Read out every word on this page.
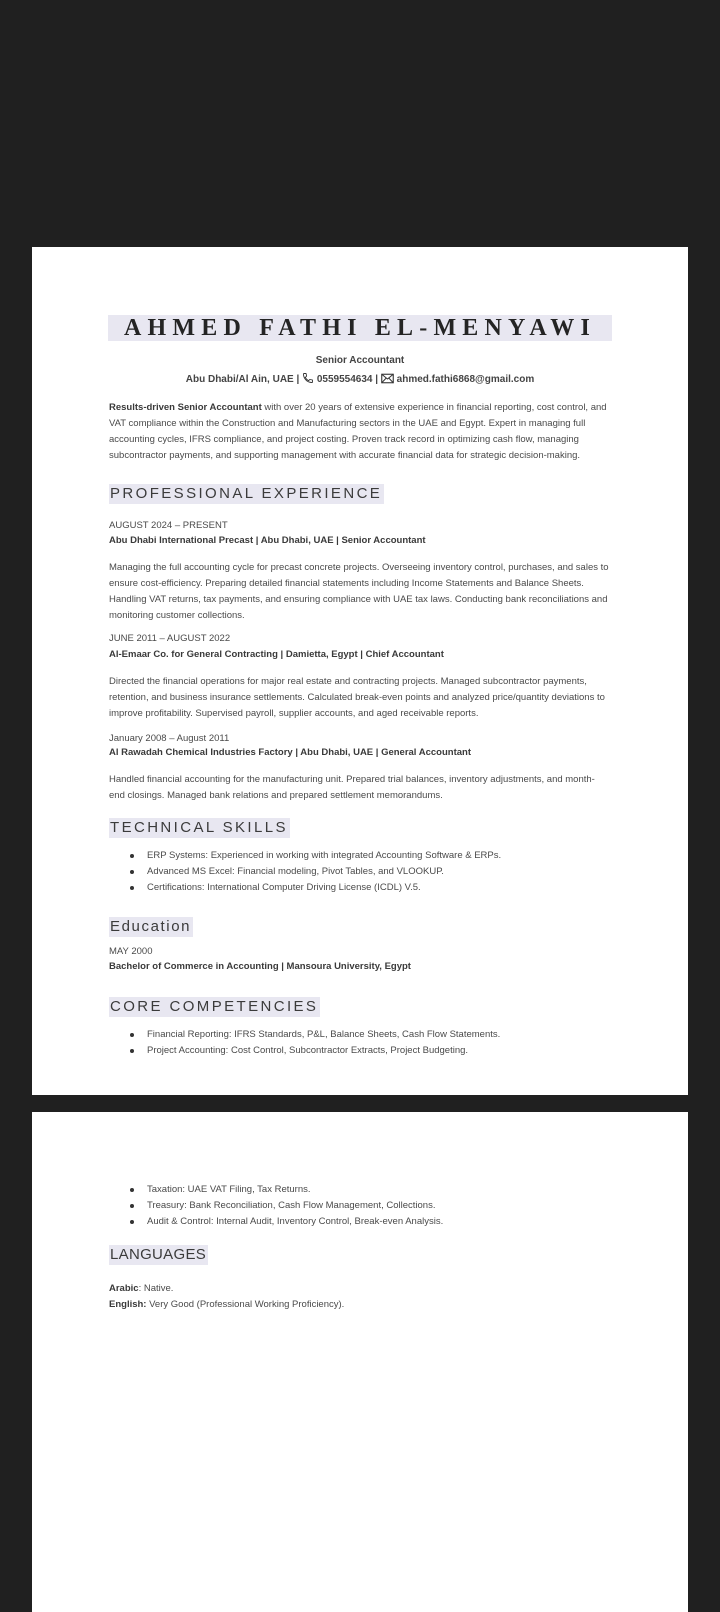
AHMED FATHI EL-MENYAWI
Senior Accountant
Abu Dhabi/Al Ain, UAE | 0559554634 | ahmed.fathi6868@gmail.com

Results-driven Senior Accountant with over 20 years of extensive experience in financial reporting, cost control, and VAT compliance within the Construction and Manufacturing sectors in the UAE and Egypt. Expert in managing full accounting cycles, IFRS compliance, and project costing. Proven track record in optimizing cash flow, managing subcontractor payments, and supporting management with accurate financial data for strategic decision-making.

PROFESSIONAL EXPERIENCE
AUGUST 2024 – PRESENT
Abu Dhabi International Precast | Abu Dhabi, UAE | Senior Accountant

Managing the full accounting cycle for precast concrete projects. Overseeing inventory control, purchases, and sales to ensure cost-efficiency. Preparing detailed financial statements including Income Statements and Balance Sheets. Handling VAT returns, tax payments, and ensuring compliance with UAE tax laws. Conducting bank reconciliations and monitoring customer collections.

JUNE 2011 – AUGUST 2022
Al-Emaar Co. for General Contracting | Damietta, Egypt | Chief Accountant

Directed the financial operations for major real estate and contracting projects. Managed subcontractor payments, retention, and business insurance settlements. Calculated break-even points and analyzed price/quantity deviations to improve profitability. Supervised payroll, supplier accounts, and aged receivable reports.

January 2008 – August 2011
Al Rawadah Chemical Industries Factory | Abu Dhabi, UAE | General Accountant

Handled financial accounting for the manufacturing unit. Prepared trial balances, inventory adjustments, and month-end closings. Managed bank relations and prepared settlement memorandums.

TECHNICAL SKILLS
ERP Systems: Experienced in working with integrated Accounting Software & ERPs.
Advanced MS Excel: Financial modeling, Pivot Tables, and VLOOKUP.
Certifications: International Computer Driving License (ICDL) V.5.
Education
MAY 2000
Bachelor of Commerce in Accounting | Mansoura University, Egypt
CORE COMPETENCIES
Financial Reporting: IFRS Standards, P&L, Balance Sheets, Cash Flow Statements.
Project Accounting: Cost Control, Subcontractor Extracts, Project Budgeting.
Taxation: UAE VAT Filing, Tax Returns.
Treasury: Bank Reconciliation, Cash Flow Management, Collections.
Audit & Control: Internal Audit, Inventory Control, Break-even Analysis.
LANGUAGES
Arabic: Native.
English: Very Good (Professional Working Proficiency).
